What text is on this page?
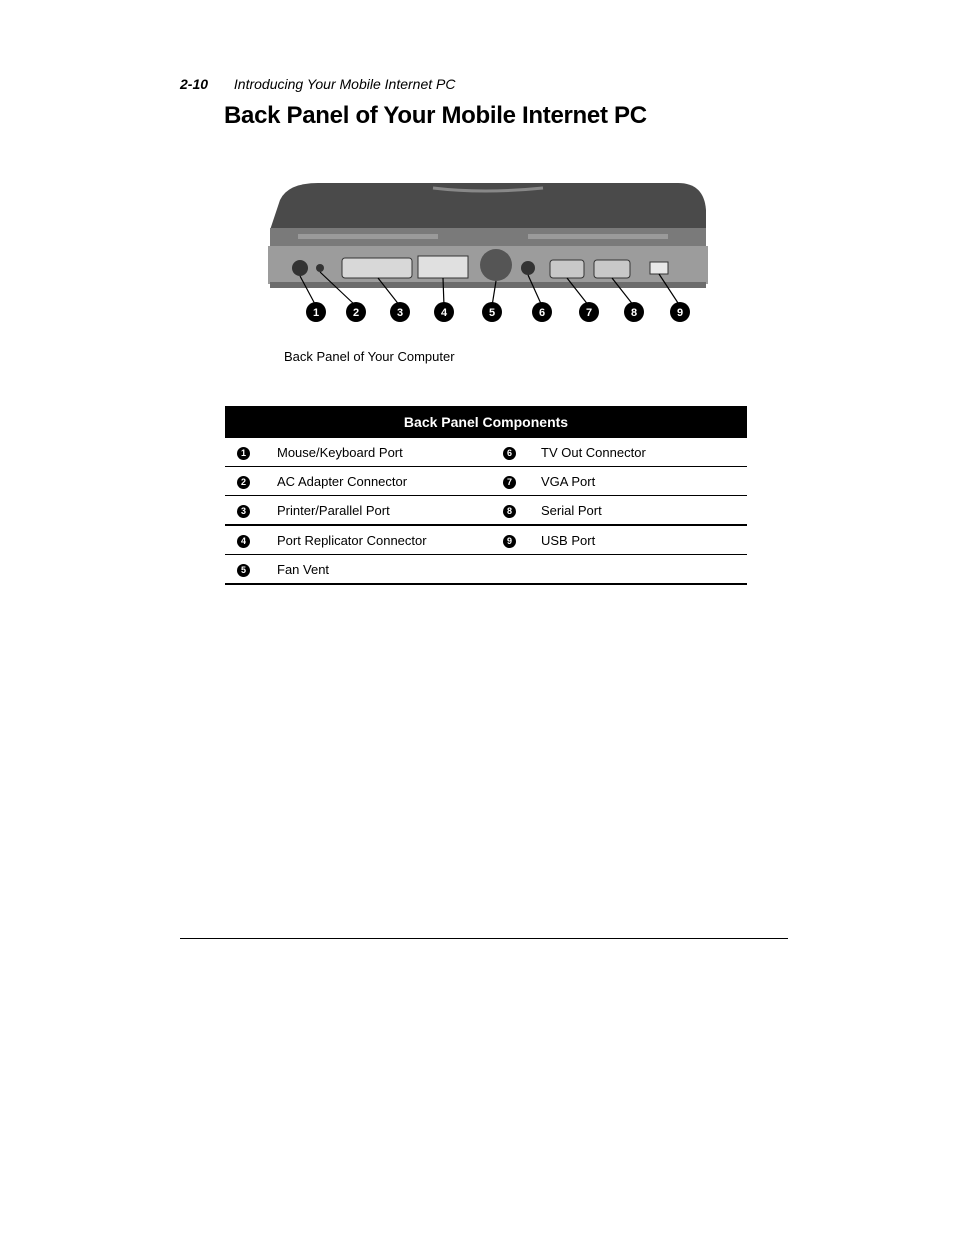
2-10 Introducing Your Mobile Internet PC
Back Panel of Your Mobile Internet PC
1	2	3	4	5	6	7	8	9
Back Panel of Your Computer
Back Panel Components			
1	Mouse/Keyboard Port	6	TV Out Connector
2	AC Adapter Connector	7	VGA Port
3	Printer/Parallel Port	8	Serial Port
4	Port Replicator Connector	9	USB Port
5	Fan Vent		
